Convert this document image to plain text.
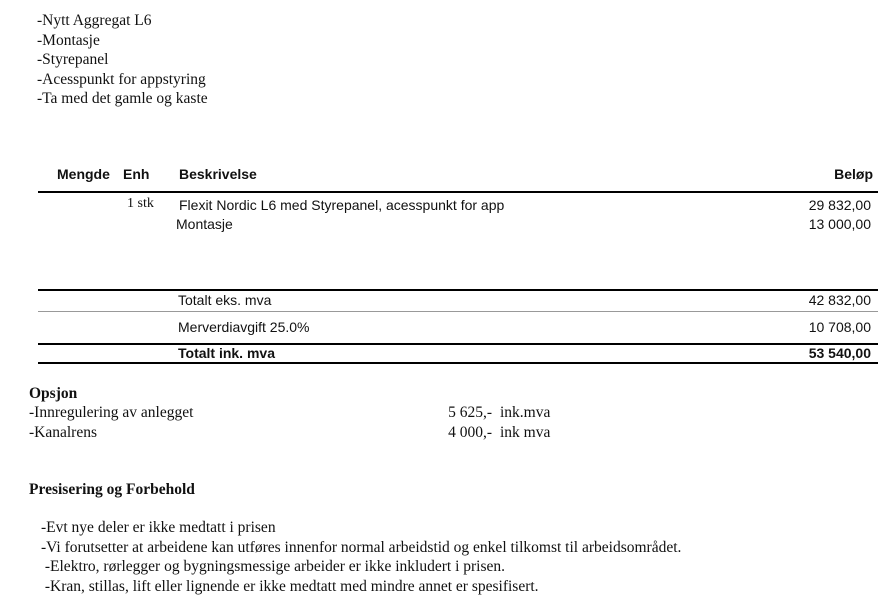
-Nytt Aggregat L6
-Montasje
-Styrepanel
-Acesspunkt for appstyring
-Ta med det gamle og kaste
Mengde Enh Beskrivelse	Beløp
1 stk Flexit Nordic L6 med Styrepanel, acesspunkt for app	29 832,00
Montasje	13 000,00
Totalt eks. mva	42 832,00
Merverdiavgift 25.0%	10 708,00
Totalt ink. mva	53 540,00
Opsjon
-Innregulering av anlegget	5 625,- ink.mva
-Kanalrens	4 000,- ink mva
Presisering og Forbehold
-Evt nye deler er ikke medtatt i prisen
-Vi forutsetter at arbeidene kan utføres innenfor normal arbeidstid og enkel tilkomst til arbeidsområdet.
-Elektro, rørlegger og bygningsmessige arbeider er ikke inkludert i prisen.
-Kran, stillas, lift eller lignende er ikke medtatt med mindre annet er spesifisert.
